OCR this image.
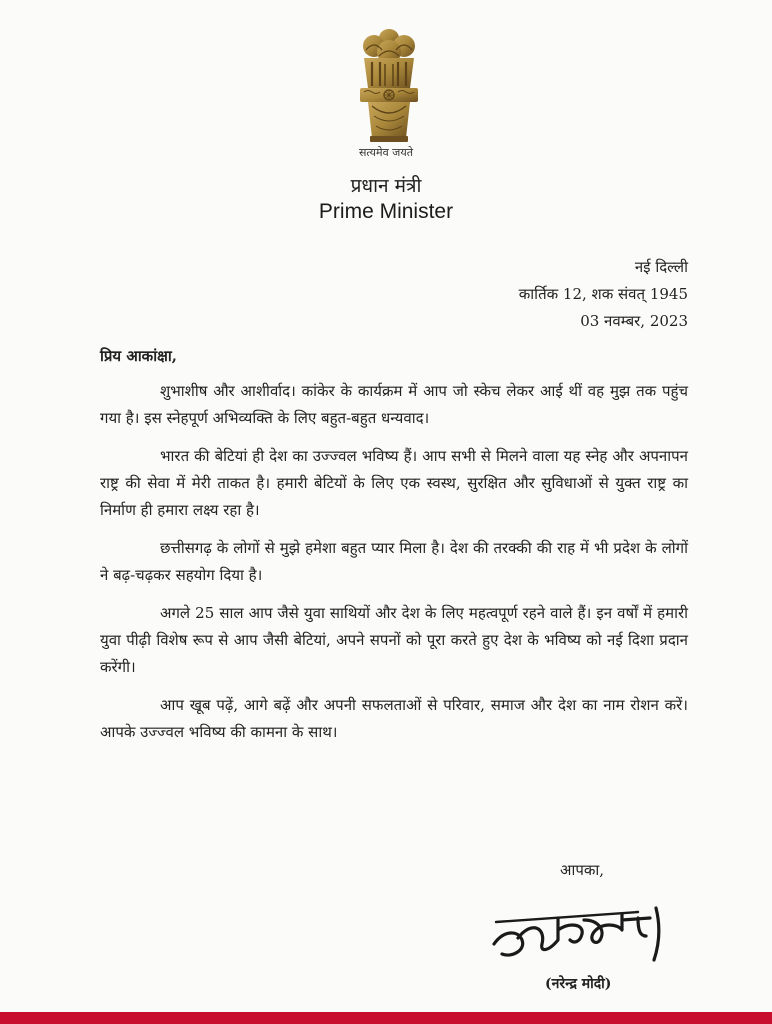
सत्यमेव जयते
प्रधान मंत्री
Prime Minister
नई दिल्ली
कार्तिक 12, शक संवत् 1945
03 नवम्बर, 2023
प्रिय आकांक्षा,

शुभाशीष और आशीर्वाद। कांकेर के कार्यक्रम में आप जो स्केच लेकर आई थीं वह मुझ तक पहुंच गया है। इस स्नेहपूर्ण अभिव्यक्ति के लिए बहुत-बहुत धन्यवाद।

भारत की बेटियां ही देश का उज्ज्वल भविष्य हैं। आप सभी से मिलने वाला यह स्नेह और अपनापन राष्ट्र की सेवा में मेरी ताकत है। हमारी बेटियों के लिए एक स्वस्थ, सुरक्षित और सुविधाओं से युक्त राष्ट्र का निर्माण ही हमारा लक्ष्य रहा है।

छत्तीसगढ़ के लोगों से मुझे हमेशा बहुत प्यार मिला है। देश की तरक्की की राह में भी प्रदेश के लोगों ने बढ़-चढ़कर सहयोग दिया है।

अगले 25 साल आप जैसे युवा साथियों और देश के लिए महत्वपूर्ण रहने वाले हैं। इन वर्षों में हमारी युवा पीढ़ी विशेष रूप से आप जैसी बेटियां, अपने सपनों को पूरा करते हुए देश के भविष्य को नई दिशा प्रदान करेंगी।

आप खूब पढ़ें, आगे बढ़ें और अपनी सफलताओं से परिवार, समाज और देश का नाम रोशन करें। आपके उज्ज्वल भविष्य की कामना के साथ।

आपका,
(नरेन्द्र मोदी)
